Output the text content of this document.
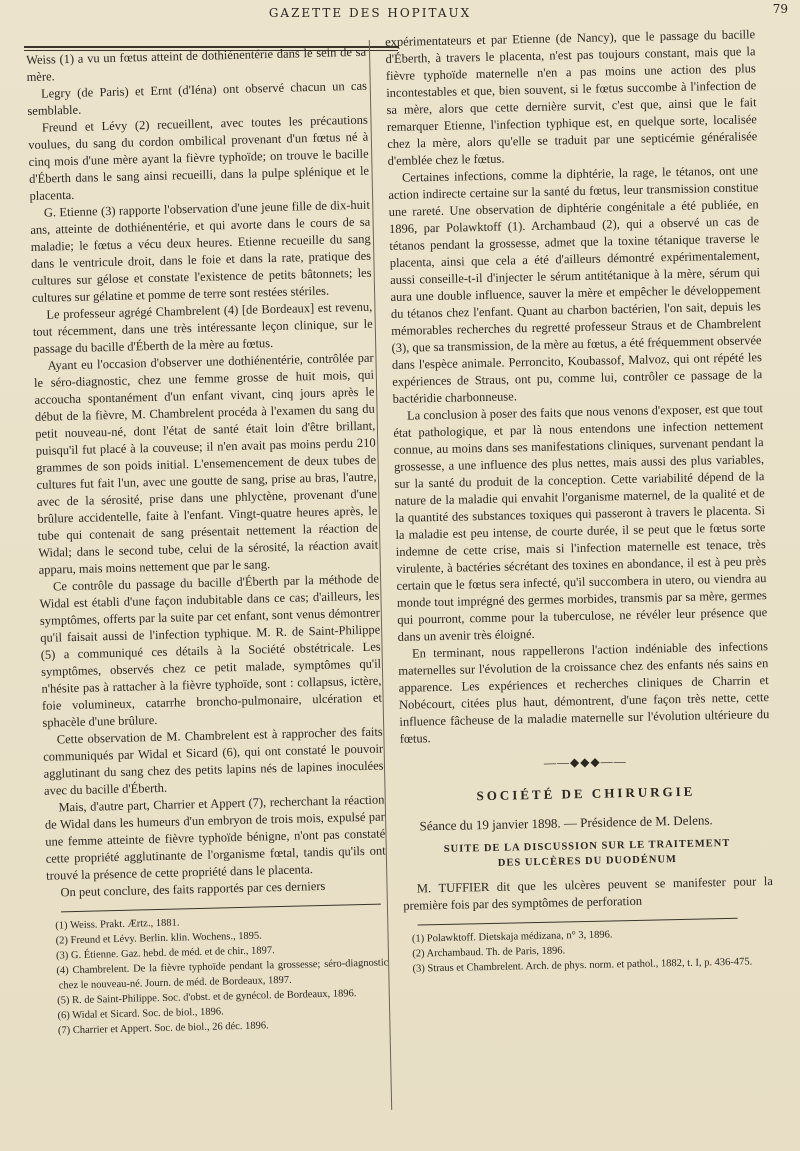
GAZETTE DES HOPITAUX	79

Weiss (1) a vu un fœtus atteint de dothiénentérie dans le sein de sa mère.

Legry (de Paris) et Ernt (d'Iéna) ont observé chacun un cas semblable.

Freund et Lévy (2) recueillent, avec toutes les précautions voulues, du sang du cordon ombilical provenant d'un fœtus né à cinq mois d'une mère ayant la fièvre typhoïde; on trouve le bacille d'Éberth dans le sang ainsi recueilli, dans la pulpe splénique et le placenta.

G. Etienne (3) rapporte l'observation d'une jeune fille de dix-huit ans, atteinte de dothiénentérie, et qui avorte dans le cours de sa maladie; le fœtus a vécu deux heures. Etienne recueille du sang dans le ventricule droit, dans le foie et dans la rate, pratique des cultures sur gélose et constate l'existence de petits bâtonnets; les cultures sur gélatine et pomme de terre sont restées stériles.

Le professeur agrégé Chambrelent (4) [de Bordeaux] est revenu, tout récemment, dans une très intéressante leçon clinique, sur le passage du bacille d'Éberth de la mère au fœtus.

Ayant eu l'occasion d'observer une dothiénentérie, contrôlée par le séro-diagnostic, chez une femme grosse de huit mois, qui accoucha spontanément d'un enfant vivant, cinq jours après le début de la fièvre, M. Chambrelent procéda à l'examen du sang du petit nouveau-né, dont l'état de santé était loin d'être brillant, puisqu'il fut placé à la couveuse; il n'en avait pas moins perdu 210 grammes de son poids initial. L'ensemencement de deux tubes de cultures fut fait l'un, avec une goutte de sang, prise au bras, l'autre, avec de la sérosité, prise dans une phlyctène, provenant d'une brûlure accidentelle, faite à l'enfant. Vingt-quatre heures après, le tube qui contenait de sang présentait nettement la réaction de Widal; dans le second tube, celui de la sérosité, la réaction avait apparu, mais moins nettement que par le sang.

Ce contrôle du passage du bacille d'Éberth par la méthode de Widal est établi d'une façon indubitable dans ce cas; d'ailleurs, les symptômes, offerts par la suite par cet enfant, sont venus démontrer qu'il faisait aussi de l'infection typhique. M. R. de Saint-Philippe (5) a communiqué ces détails à la Société obstétricale. Les symptômes, observés chez ce petit malade, symptômes qu'il n'hésite pas à rattacher à la fièvre typhoïde, sont : collapsus, ictère, foie volumineux, catarrhe broncho-pulmonaire, ulcération et sphacèle d'une brûlure.

Cette observation de M. Chambrelent est à rapprocher des faits communiqués par Widal et Sicard (6), qui ont constaté le pouvoir agglutinant du sang chez des petits lapins nés de lapines inoculées avec du bacille d'Éberth.

Mais, d'autre part, Charrier et Appert (7), recherchant la réaction de Widal dans les humeurs d'un embryon de trois mois, expulsé par une femme atteinte de fièvre typhoïde bénigne, n'ont pas constaté cette propriété agglutinante de l'organisme fœtal, tandis qu'ils ont trouvé la présence de cette propriété dans le placenta.

On peut conclure, des faits rapportés par ces derniers

(1) Weiss. Prakt. Ærtz., 1881.
(2) Freund et Lévy. Berlin. klin. Wochens., 1895.
(3) G. Étienne. Gaz. hebd. de méd. et de chir., 1897.
(4) Chambrelent. De la fièvre typhoïde pendant la grossesse; séro-diagnostic chez le nouveau-né. Journ. de méd. de Bordeaux, 1897.
(5) R. de Saint-Philippe. Soc. d'obst. et de gynécol. de Bordeaux, 1896.
(6) Widal et Sicard. Soc. de biol., 1896.
(7) Charrier et Appert. Soc. de biol., 26 déc. 1896.

expérimentateurs et par Etienne (de Nancy), que le passage du bacille d'Éberth, à travers le placenta, n'est pas toujours constant, mais que la fièvre typhoïde maternelle n'en a pas moins une action des plus incontestables et que, bien souvent, si le fœtus succombe à l'infection de sa mère, alors que cette dernière survit, c'est que, ainsi que le fait remarquer Etienne, l'infection typhique est, en quelque sorte, localisée chez la mère, alors qu'elle se traduit par une septicémie généralisée d'emblée chez le fœtus.

Certaines infections, comme la diphtérie, la rage, le tétanos, ont une action indirecte certaine sur la santé du fœtus, leur transmission constitue une rareté. Une observation de diphtérie congénitale a été publiée, en 1896, par Polawktoff (1). Archambaud (2), qui a observé un cas de tétanos pendant la grossesse, admet que la toxine tétanique traverse le placenta, ainsi que cela a été d'ailleurs démontré expérimentalement, aussi conseille-t-il d'injecter le sérum antitétanique à la mère, sérum qui aura une double influence, sauver la mère et empêcher le développement du tétanos chez l'enfant. Quant au charbon bactérien, l'on sait, depuis les mémorables recherches du regretté professeur Straus et de Chambrelent (3), que sa transmission, de la mère au fœtus, a été fréquemment observée dans l'espèce animale. Perroncito, Koubassof, Malvoz, qui ont répété les expériences de Straus, ont pu, comme lui, contrôler ce passage de la bactéridie charbonneuse.

La conclusion à poser des faits que nous venons d'exposer, est que tout état pathologique, et par là nous entendons une infection nettement connue, au moins dans ses manifestations cliniques, survenant pendant la grossesse, a une influence des plus nettes, mais aussi des plus variables, sur la santé du produit de la conception. Cette variabilité dépend de la nature de la maladie qui envahit l'organisme maternel, de la qualité et de la quantité des substances toxiques qui passeront à travers le placenta. Si la maladie est peu intense, de courte durée, il se peut que le fœtus sorte indemne de cette crise, mais si l'infection maternelle est tenace, très virulente, à bactéries sécrétant des toxines en abondance, il est à peu près certain que le fœtus sera infecté, qu'il succombera in utero, ou viendra au monde tout imprégné des germes morbides, transmis par sa mère, germes qui pourront, comme pour la tuberculose, ne révéler leur présence que dans un avenir très éloigné.

En terminant, nous rappellerons l'action indéniable des infections maternelles sur l'évolution de la croissance chez des enfants nés sains en apparence. Les expériences et recherches cliniques de Charrin et Nobécourt, citées plus haut, démontrent, d'une façon très nette, cette influence fâcheuse de la maladie maternelle sur l'évolution ultérieure du fœtus.

——◆◆◆——
SOCIÉTÉ DE CHIRURGIE
Séance du 19 janvier 1898. — Présidence de M. Delens.
SUITE DE LA DISCUSSION SUR LE TRAITEMENT
DES ULCÈRES DU DUODÉNUM

M. TUFFIER dit que les ulcères peuvent se manifester pour la première fois par des symptômes de perforation

(1) Polawktoff. Dietskaja médizana, n° 3, 1896.
(2) Archambaud. Th. de Paris, 1896.
(3) Straus et Chambrelent. Arch. de phys. norm. et pathol., 1882, t. I, p. 436-475.
